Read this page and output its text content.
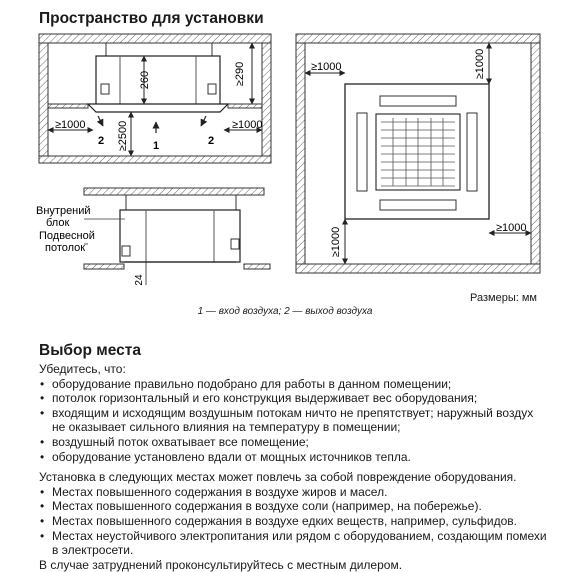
Пространство для установки
260	≥290
≥2500
≥1000	≥1000
1
2	2
24
Внутрений
блок
Подвесной
потолок
≥1000	≥1000
≥1000	≥1000
Размеры: мм
1 — вход воздуха; 2 — выход воздуха
Выбор места
Убедитесь, что:
• оборудование правильно подобрано для работы в данном помещении;
• потолок горизонтальный и его конструкция выдерживает вес оборудования;
• входящим и исходящим воздушным потокам ничто не препятствует; наружный воздух
не оказывает сильного влияния на температуру в помещении;
• воздушный поток охватывает все помещение;
• оборудование установлено вдали от мощных источников тепла.
Установка в следующих местах может повлечь за собой повреждение оборудования.
• Местах повышенного содержания в воздухе жиров и масел.
• Местах повышенного содержания в воздухе соли (например, на побережье).
• Местах повышенного содержания в воздухе едких веществ, например, сульфидов.
• Местах неустойчивого электропитания или рядом с оборудованием, создающим помехи
в электросети.
В случае затруднений проконсультируйтесь с местным дилером.
